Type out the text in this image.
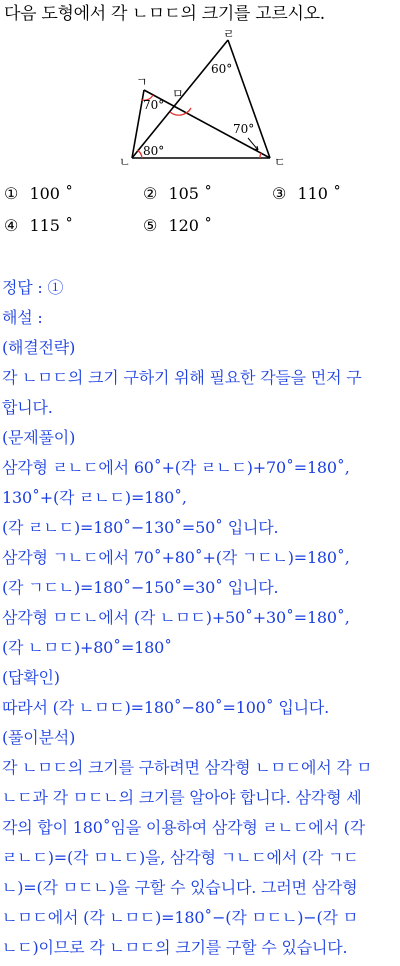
다음 도형에서 각 ㄴㅁㄷ의 크기를 고르시오.
ㄹ
ㄱ
ㄴ	ㄷ
ㅁ
60°
70°
80°
70°
① 100 ˚	② 105 ˚	③ 110 ˚
④ 115 ˚	⑤ 120 ˚
정답 : ①
해설 :
(해결전략)
각 ㄴㅁㄷ의 크기 구하기 위해 필요한 각들을 먼저 구
합니다.
(문제풀이)
삼각형 ㄹㄴㄷ에서 60˚+(각 ㄹㄴㄷ)+70˚=180˚,
130˚+(각 ㄹㄴㄷ)=180˚,
(각 ㄹㄴㄷ)=180˚−130˚=50˚ 입니다.
삼각형 ㄱㄴㄷ에서 70˚+80˚+(각 ㄱㄷㄴ)=180˚,
(각 ㄱㄷㄴ)=180˚−150˚=30˚ 입니다.
삼각형 ㅁㄷㄴ에서 (각 ㄴㅁㄷ)+50˚+30˚=180˚,
(각 ㄴㅁㄷ)+80˚=180˚
(답확인)
따라서 (각 ㄴㅁㄷ)=180˚−80˚=100˚ 입니다.
(풀이분석)
각 ㄴㅁㄷ의 크기를 구하려면 삼각형 ㄴㅁㄷ에서 각 ㅁ
ㄴㄷ과 각 ㅁㄷㄴ의 크기를 알아야 합니다. 삼각형 세
각의 합이 180˚임을 이용하여 삼각형 ㄹㄴㄷ에서 (각
ㄹㄴㄷ)=(각 ㅁㄴㄷ)을, 삼각형 ㄱㄴㄷ에서 (각 ㄱㄷ
ㄴ)=(각 ㅁㄷㄴ)을 구할 수 있습니다. 그러면 삼각형
ㄴㅁㄷ에서 (각 ㄴㅁㄷ)=180˚−(각 ㅁㄷㄴ)−(각 ㅁ
ㄴㄷ)이므로 각 ㄴㅁㄷ의 크기를 구할 수 있습니다.
